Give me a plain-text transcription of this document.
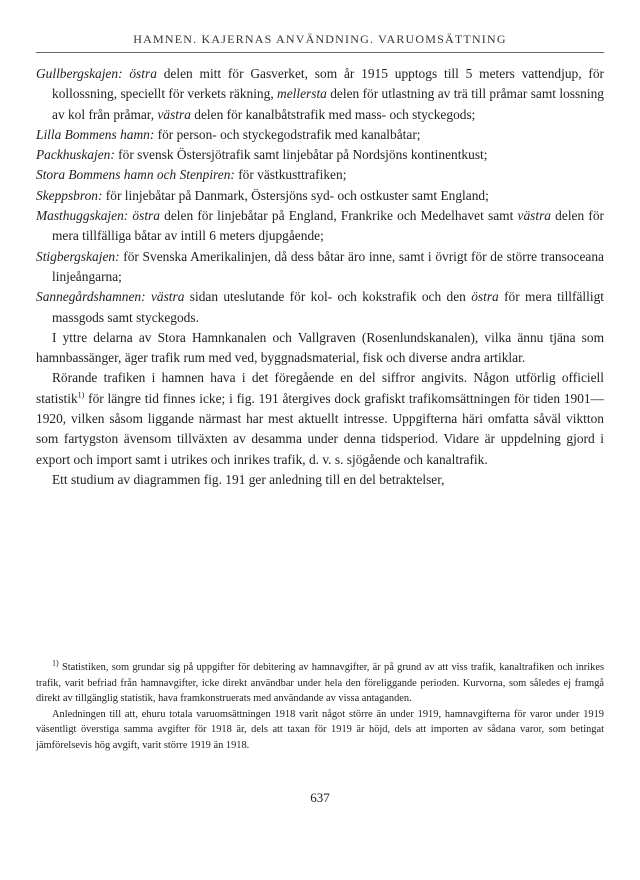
HAMNEN. KAJERNAS ANVÄNDNING. VARUOMSÄTTNING

Gullbergskajen: östra delen mitt för Gasverket, som år 1915 upptogs till 5 meters vattendjup, för kollossning, speciellt för verkets räkning, mellersta delen för utlastning av trä till pråmar samt lossning av kol från pråmar, västra delen för kanalbåtstrafik med mass- och styckegods;

Lilla Bommens hamn: för person- och styckegodstrafik med kanalbåtar;

Packhuskajen: för svensk Östersjötrafik samt linjebåtar på Nordsjöns kontinentkust;

Stora Bommens hamn och Stenpiren: för västkusttrafiken;

Skeppsbron: för linjebåtar på Danmark, Östersjöns syd- och ostkuster samt England;

Masthuggskajen: östra delen för linjebåtar på England, Frankrike och Medelhavet samt västra delen för mera tillfälliga båtar av intill 6 meters djupgående;

Stigbergskajen: för Svenska Amerikalinjen, då dess båtar äro inne, samt i övrigt för de större transoceana linjeångarna;

Sannegårdshamnen: västra sidan uteslutande för kol- och kokstrafik och den östra för mera tillfälligt massgods samt styckegods.

I yttre delarna av Stora Hamnkanalen och Vallgraven (Rosenlundskanalen), vilka ännu tjäna som hamnbassänger, äger trafik rum med ved, byggnadsmaterial, fisk och diverse andra artiklar.

Rörande trafiken i hamnen hava i det föregående en del siffror angivits. Någon utförlig officiell statistik$^{1)}$ för längre tid finnes icke; i fig. 191 återgives dock grafiskt trafikomsättningen för tiden 1901—1920, vilken såsom liggande närmast har mest aktuellt intresse. Uppgifterna häri omfatta såväl viktton som fartygston ävensom tillväxten av desamma under denna tidsperiod. Vidare är uppdelning gjord i export och import samt i utrikes och inrikes trafik, d. v. s. sjögående och kanaltrafik.

Ett studium av diagrammen fig. 191 ger anledning till en del betraktelser,

$^{1)}$ Statistiken, som grundar sig på uppgifter för debitering av hamnavgifter, är på grund av att viss trafik, kanaltrafiken och inrikes trafik, varit befriad från hamnavgifter, icke direkt användbar under hela den föreliggande perioden. Kurvorna, som således ej framgå direkt av tillgänglig statistik, hava framkonstruerats med användande av vissa antaganden.

Anledningen till att, ehuru totala varuomsättningen 1918 varit något större än under 1919, hamnavgifterna för varor under 1919 väsentligt överstiga samma avgifter för 1918 är, dels att taxan för 1919 är höjd, dels att importen av sådana varor, som betingat jämförelsevis hög avgift, varit större 1919 än 1918.

637
